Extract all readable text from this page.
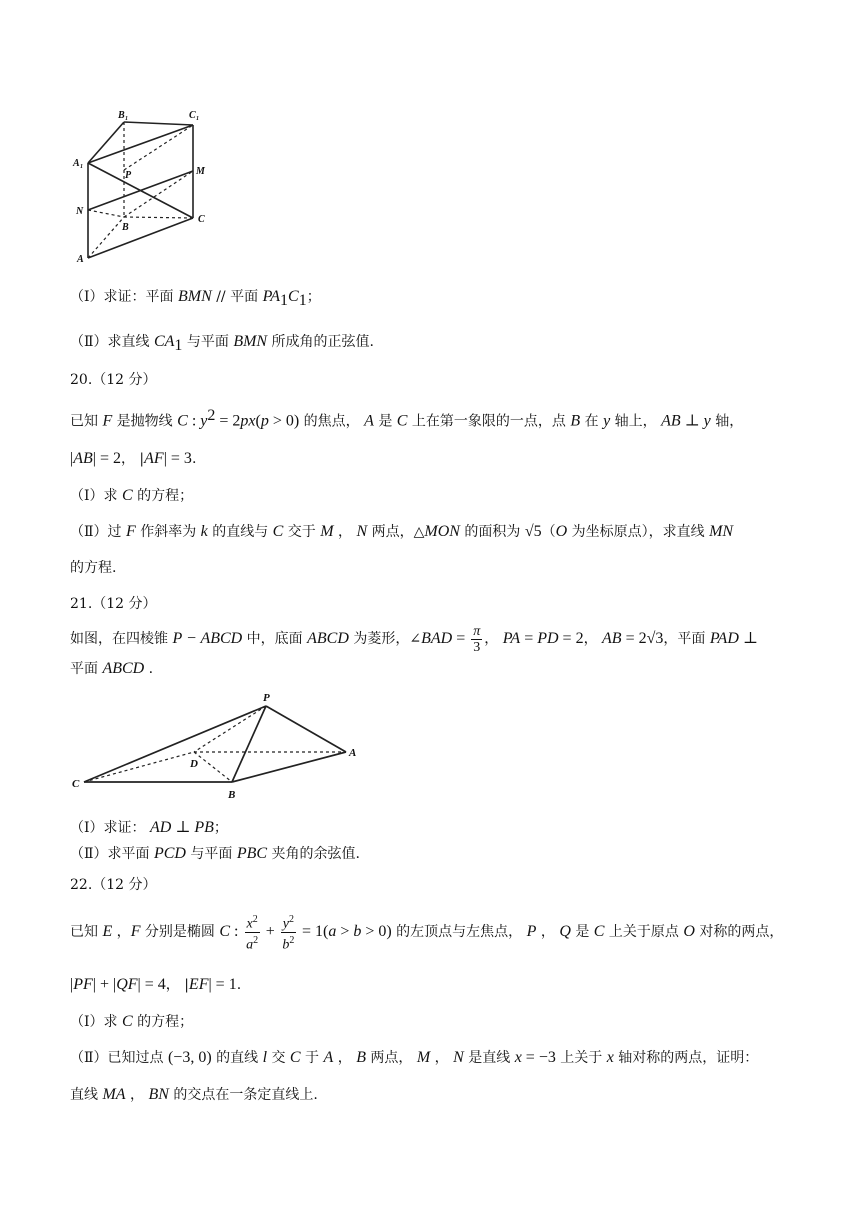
B 1	C 1
A 1
P	M
N
B
C
A
（Ⅰ）求证：平面 BMN // 平面 $PA_1C_1$；
（Ⅱ）求直线 $CA_1$ 与平面 BMN 所成角的正弦值.
20.（12 分）
已知 F 是抛物线 C : $y^2 = 2px(p > 0)$ 的焦点， A 是 C 上在第一象限的一点，点 B 在 y 轴上， AB ⊥ y 轴，
|AB| = 2， |AF| = 3.
（Ⅰ）求 C 的方程；
（Ⅱ）过 F 作斜率为 k 的直线与 C 交于 M ， N 两点，△MON 的面积为 √5（O 为坐标原点），求直线 MN
的方程.
21.（12 分）
如图，在四棱锥 P − ABCD 中，底面 ABCD 为菱形，∠BAD = $\frac{\pi}{3}$ ， PA = PD = 2， AB = 2√3，平面 PAD ⊥
平面 ABCD .
P
D
A
C
B
（Ⅰ）求证： AD ⊥ PB；
（Ⅱ）求平面 PCD 与平面 PBC 夹角的余弦值.
22.（12 分）
已知 E ，F 分别是椭圆 C : $\frac{x^2}{a^2} + \frac{y^2}{b^2} = 1(a > b > 0)$ 的左顶点与左焦点， P ， Q 是 C 上关于原点 O 对称的两点，
|PF| + |QF| = 4， |EF| = 1.
（Ⅰ）求 C 的方程；
（Ⅱ）已知过点 (−3, 0) 的直线 l 交 C 于 A ， B 两点， M ， N 是直线 x = −3 上关于 x 轴对称的两点，证明：
直线 MA ， BN 的交点在一条定直线上.
